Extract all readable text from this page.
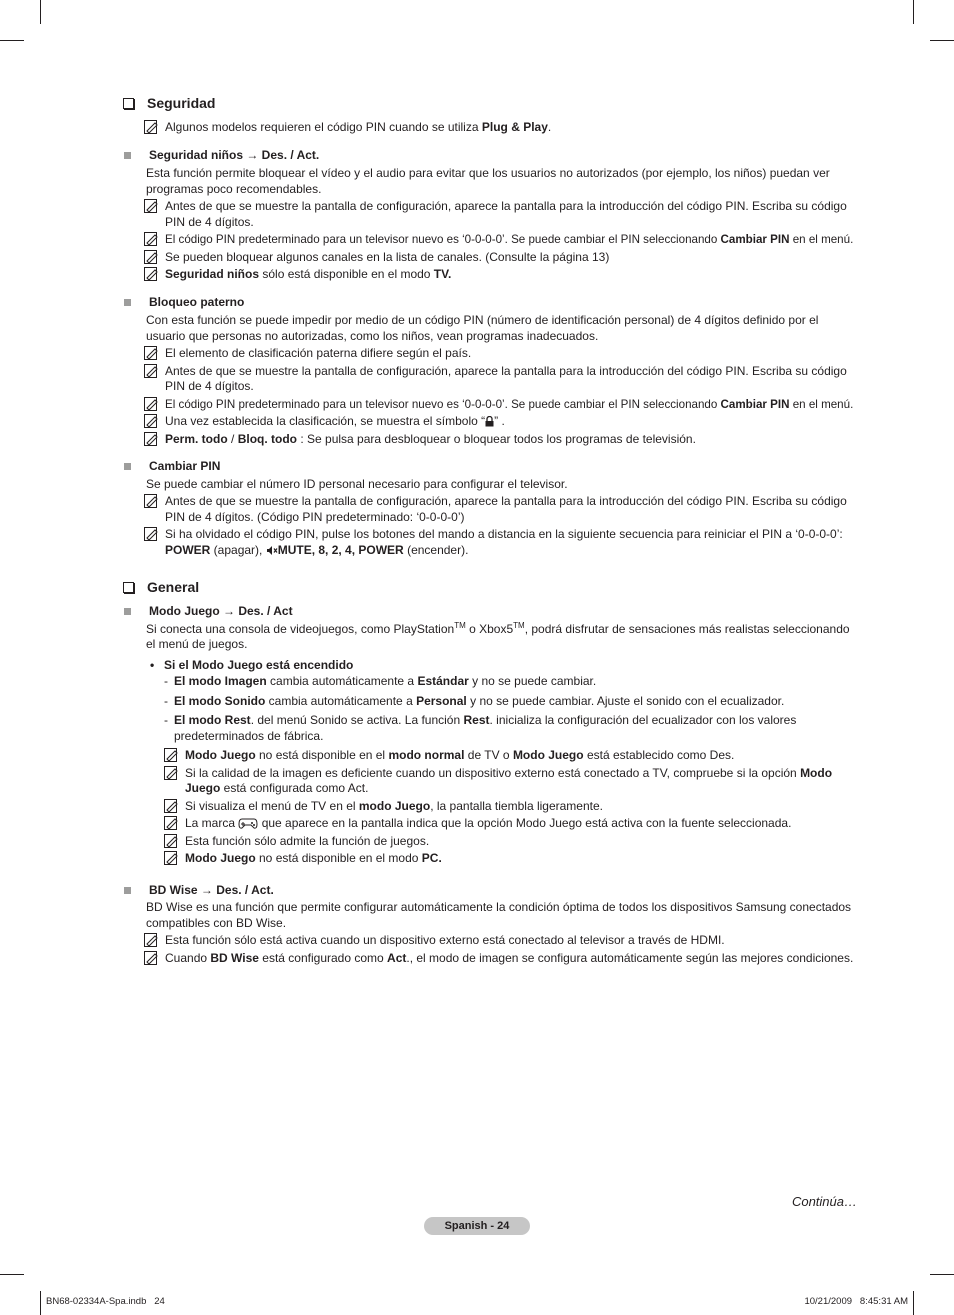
Seguridad
Algunos modelos requieren el código PIN cuando se utiliza Plug & Play.
Seguridad niños → Des. / Act.
Esta función permite bloquear el vídeo y el audio para evitar que los usuarios no autorizados (por ejemplo, los niños) puedan ver programas poco recomendables.
Antes de que se muestre la pantalla de configuración, aparece la pantalla para la introducción del código PIN. Escriba su código PIN de 4 dígitos.
El código PIN predeterminado para un televisor nuevo es ‘0-0-0-0’. Se puede cambiar el PIN seleccionando Cambiar PIN en el menú.
Se pueden bloquear algunos canales en la lista de canales. (Consulte la página 13)
Seguridad niños sólo está disponible en el modo TV.
Bloqueo paterno
Con esta función se puede impedir por medio de un código PIN (número de identificación personal) de 4 dígitos definido por el usuario que personas no autorizadas, como los niños, vean programas inadecuados.
El elemento de clasificación paterna difiere según el país.
Antes de que se muestre la pantalla de configuración, aparece la pantalla para la introducción del código PIN. Escriba su código PIN de 4 dígitos.
El código PIN predeterminado para un televisor nuevo es ‘0-0-0-0’. Se puede cambiar el PIN seleccionando Cambiar PIN en el menú.
Una vez establecida la clasificación, se muestra el símbolo “ ” .
Perm. todo / Bloq. todo : Se pulsa para desbloquear o bloquear todos los programas de televisión.
Cambiar PIN
Se puede cambiar el número ID personal necesario para configurar el televisor.
Antes de que se muestre la pantalla de configuración, aparece la pantalla para la introducción del código PIN. Escriba su código PIN de 4 dígitos. (Código PIN predeterminado: ‘0-0-0-0’)
Si ha olvidado el código PIN, pulse los botones del mando a distancia en la siguiente secuencia para reiniciar el PIN a ‘0-0-0-0’: POWER (apagar), MUTE, 8, 2, 4, POWER (encender).
General
Modo Juego → Des. / Act
Si conecta una consola de videojuegos, como PlayStation™ o Xbox5™, podrá disfrutar de sensaciones más realistas seleccionando el menú de juegos.
• Si el Modo Juego está encendido
- El modo Imagen cambia automáticamente a Estándar y no se puede cambiar.
- El modo Sonido cambia automáticamente a Personal y no se puede cambiar. Ajuste el sonido con el ecualizador.
- El modo Rest. del menú Sonido se activa. La función Rest. inicializa la configuración del ecualizador con los valores predeterminados de fábrica.
Modo Juego no está disponible en el modo normal de TV o Modo Juego está establecido como Des.
Si la calidad de la imagen es deficiente cuando un dispositivo externo está conectado a TV, compruebe si la opción Modo Juego está configurada como Act.
Si visualiza el menú de TV en el modo Juego, la pantalla tiembla ligeramente.
La marca  que aparece en la pantalla indica que la opción Modo Juego está activa con la fuente seleccionada.
Esta función sólo admite la función de juegos.
Modo Juego no está disponible en el modo PC.
BD Wise → Des. / Act.
BD Wise es una función que permite configurar automáticamente la condición óptima de todos los dispositivos Samsung conectados compatibles con BD Wise.
Esta función sólo está activa cuando un dispositivo externo está conectado al televisor a través de HDMI.
Cuando BD Wise está configurado como Act., el modo de imagen se configura automáticamente según las mejores condiciones.
Continúa…
Spanish - 24
BN68-02334A-Spa.indb   24	10/21/2009   8:45:31 AM
